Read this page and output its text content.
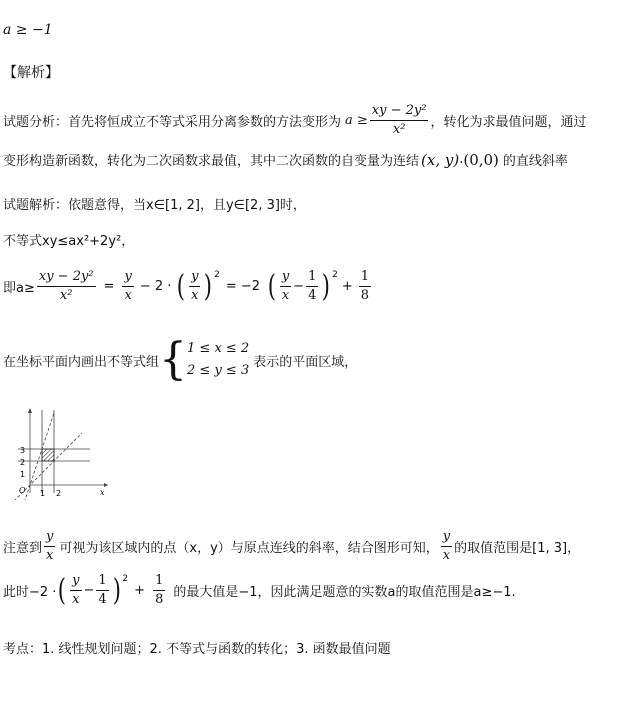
a ≥ −1
【解析】
试题分析：首先将恒成立不等式采用分离参数的方法变形为 $a \ge \frac{\text{xy − 2y²}}{\text{x²}}$ ，转化为求最值问题，通过
变形构造新函数，转化为二次函数求最值，其中二次函数的自变量为连结 (x, y) . (0,0) 的直线斜率
试题解析：依题意得，当x∈[1, 2]，且y∈[2, 3]时，
不等式xy≤ax²+2y²，
即$a\ge \frac{\text{xy − 2y²}}{\text{x²}} = \frac{y}{x} - 2$ · ( $\frac{y}{x} )^2$
= −2 ( $\frac{y}{x} - \frac{1}{4} )^2$
+ $\frac{1}{8}$
在坐标平面内画出不等式组 { 1 ≤ x ≤ 2
2 ≤ y ≤ 3
表示的平面区域，
3
2
1
O 1 2	x
注意到 $\frac{y}{x}$ 可视为该区域内的点（x，y）与原点连线的斜率，结合图形可知， $\frac{y}{x}$ 的取值范围是[1, 3]，
此时−2 · ( $\frac{y}{x} - \frac{1}{4} )^2$
+ $\frac{1}{8}$ 的最大值是−1，因此满足题意的实数a的取值范围是a≥−1.
考点：1. 线性规划问题；2. 不等式与函数的转化；3. 函数最值问题
